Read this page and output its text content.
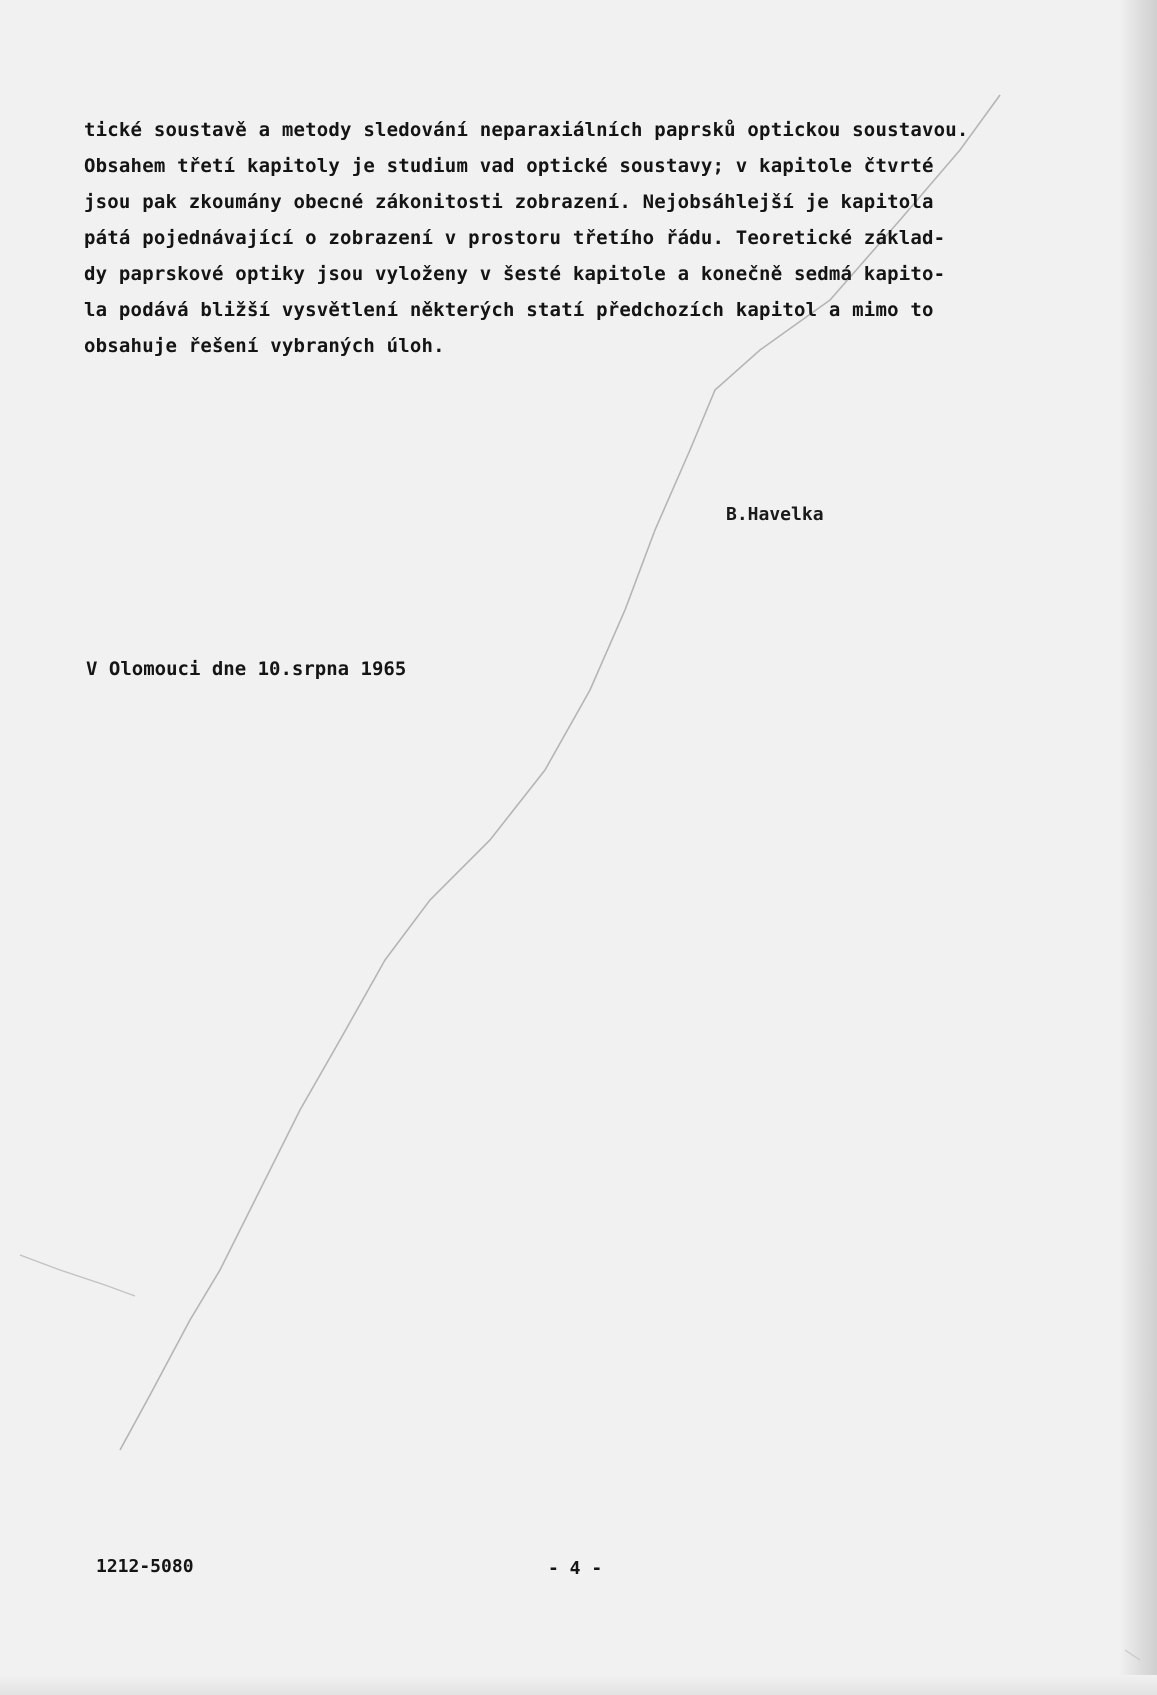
tické soustavě a metody sledování neparaxiálních paprsků optickou soustavou.
Obsahem třetí kapitoly je studium vad optické soustavy; v kapitole čtvrté
jsou pak zkoumány obecné zákonitosti zobrazení. Nejobsáhlejší je kapitola
pátá pojednávající o zobrazení v prostoru třetího řádu. Teoretické základ-
dy paprskové optiky jsou vyloženy v šesté kapitole a konečně sedmá kapito-
la podává bližší vysvětlení některých statí předchozích kapitol a mimo to
obsahuje řešení vybraných úloh.
B.Havelka
V Olomouci dne 10.srpna 1965
1212-5080	- 4 -
